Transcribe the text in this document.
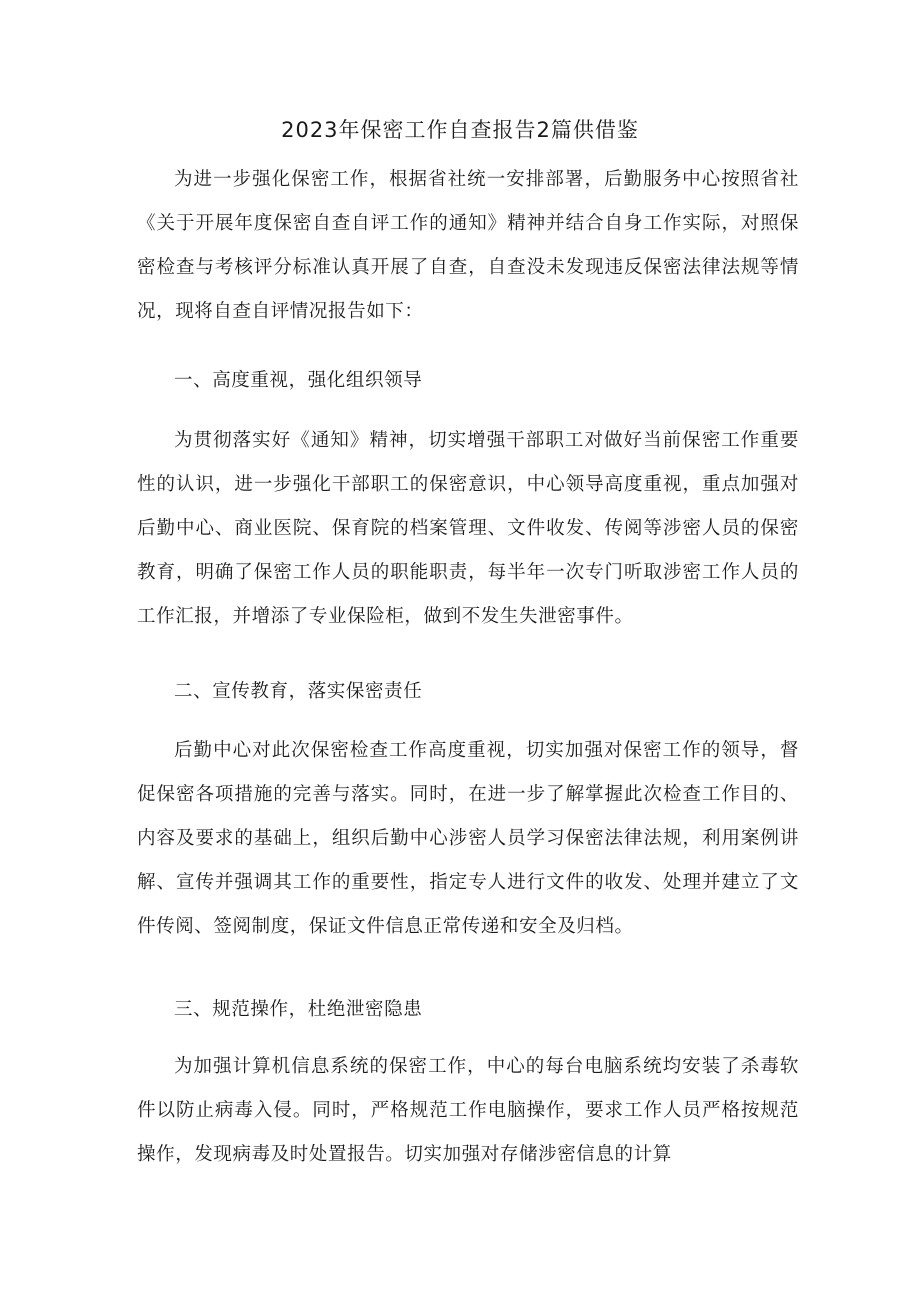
2023年保密工作自查报告2篇供借鉴
为进一步强化保密工作，根据省社统一安排部署，后勤服务中心按照省社《关于开展年度保密自查自评工作的通知》精神并结合自身工作实际，对照保密检查与考核评分标准认真开展了自查，自查没未发现违反保密法律法规等情况，现将自查自评情况报告如下：
一、高度重视，强化组织领导
为贯彻落实好《通知》精神，切实增强干部职工对做好当前保密工作重要性的认识，进一步强化干部职工的保密意识，中心领导高度重视，重点加强对后勤中心、商业医院、保育院的档案管理、文件收发、传阅等涉密人员的保密教育，明确了保密工作人员的职能职责，每半年一次专门听取涉密工作人员的工作汇报，并增添了专业保险柜，做到不发生失泄密事件。
二、宣传教育，落实保密责任
后勤中心对此次保密检查工作高度重视，切实加强对保密工作的领导，督促保密各项措施的完善与落实。同时，在进一步了解掌握此次检查工作目的、内容及要求的基础上，组织后勤中心涉密人员学习保密法律法规，利用案例讲解、宣传并强调其工作的重要性，指定专人进行文件的收发、处理并建立了文件传阅、签阅制度，保证文件信息正常传递和安全及归档。
三、规范操作，杜绝泄密隐患
为加强计算机信息系统的保密工作，中心的每台电脑系统均安装了杀毒软件以防止病毒入侵。同时，严格规范工作电脑操作，要求工作人员严格按规范操作，发现病毒及时处置报告。切实加强对存储涉密信息的计算
